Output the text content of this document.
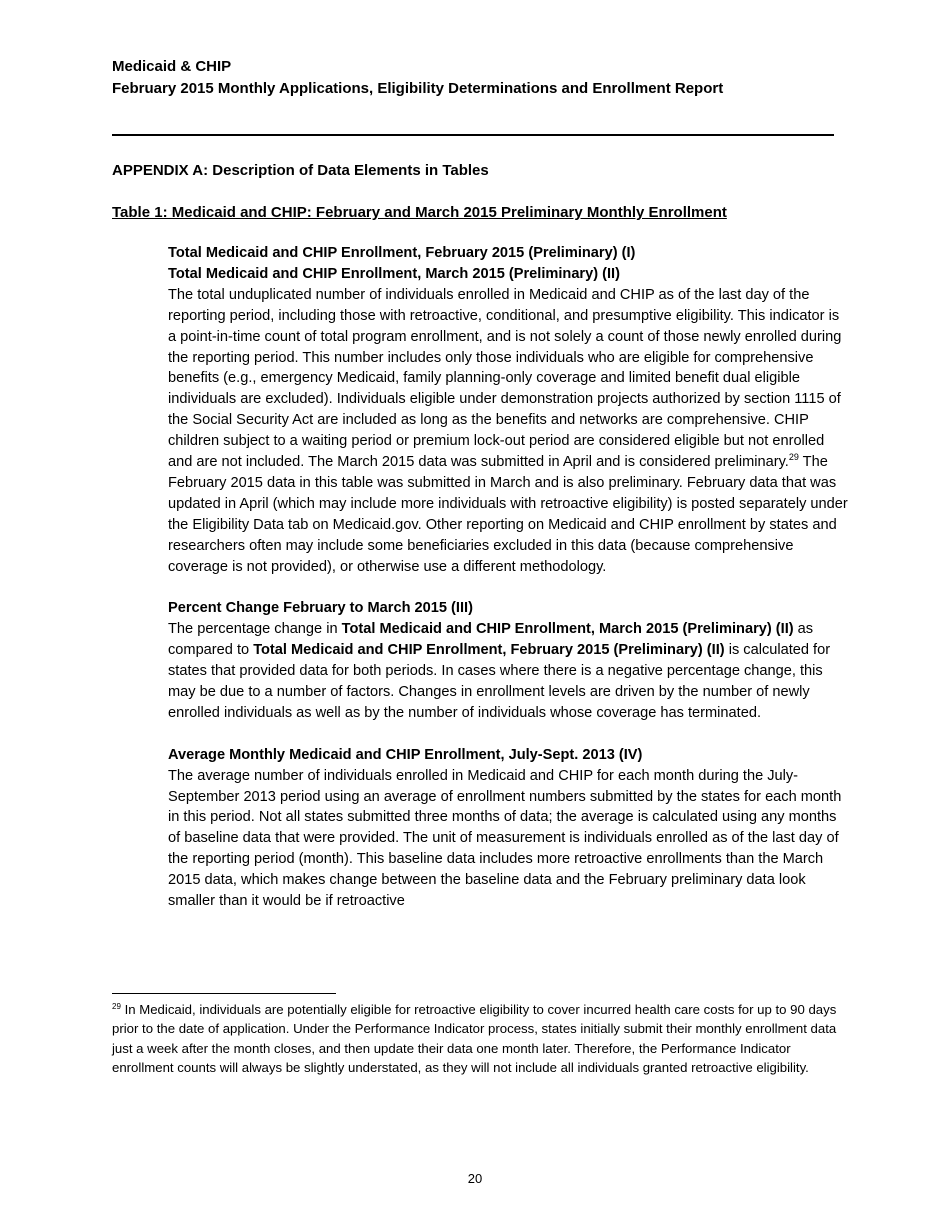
Medicaid & CHIP
February 2015 Monthly Applications, Eligibility Determinations and Enrollment Report
APPENDIX A: Description of Data Elements in Tables
Table 1: Medicaid and CHIP: February and March 2015 Preliminary Monthly Enrollment

Total Medicaid and CHIP Enrollment, February 2015 (Preliminary) (I)

Total Medicaid and CHIP Enrollment, March 2015 (Preliminary) (II)

The total unduplicated number of individuals enrolled in Medicaid and CHIP as of the last day of the reporting period, including those with retroactive, conditional, and presumptive eligibility. This indicator is a point-in-time count of total program enrollment, and is not solely a count of those newly enrolled during the reporting period. This number includes only those individuals who are eligible for comprehensive benefits (e.g., emergency Medicaid, family planning-only coverage and limited benefit dual eligible individuals are excluded). Individuals eligible under demonstration projects authorized by section 1115 of the Social Security Act are included as long as the benefits and networks are comprehensive. CHIP children subject to a waiting period or premium lock-out period are considered eligible but not enrolled and are not included. The March 2015 data was submitted in April and is considered preliminary.$^{29}$ The February 2015 data in this table was submitted in March and is also preliminary. February data that was updated in April (which may include more individuals with retroactive eligibility) is posted separately under the Eligibility Data tab on Medicaid.gov. Other reporting on Medicaid and CHIP enrollment by states and researchers often may include some beneficiaries excluded in this data (because comprehensive coverage is not provided), or otherwise use a different methodology.

Percent Change February to March 2015 (III)

The percentage change in Total Medicaid and CHIP Enrollment, March 2015 (Preliminary) (II) as compared to Total Medicaid and CHIP Enrollment, February 2015 (Preliminary) (II) is calculated for states that provided data for both periods. In cases where there is a negative percentage change, this may be due to a number of factors. Changes in enrollment levels are driven by the number of newly enrolled individuals as well as by the number of individuals whose coverage has terminated.

Average Monthly Medicaid and CHIP Enrollment, July-Sept. 2013 (IV)

The average number of individuals enrolled in Medicaid and CHIP for each month during the July-September 2013 period using an average of enrollment numbers submitted by the states for each month in this period. Not all states submitted three months of data; the average is calculated using any months of baseline data that were provided. The unit of measurement is individuals enrolled as of the last day of the reporting period (month). This baseline data includes more retroactive enrollments than the March 2015 data, which makes change between the baseline data and the February preliminary data look smaller than it would be if retroactive

$^{29}$ In Medicaid, individuals are potentially eligible for retroactive eligibility to cover incurred health care costs for up to 90 days prior to the date of application. Under the Performance Indicator process, states initially submit their monthly enrollment data just a week after the month closes, and then update their data one month later. Therefore, the Performance Indicator enrollment counts will always be slightly understated, as they will not include all individuals granted retroactive eligibility.
20
